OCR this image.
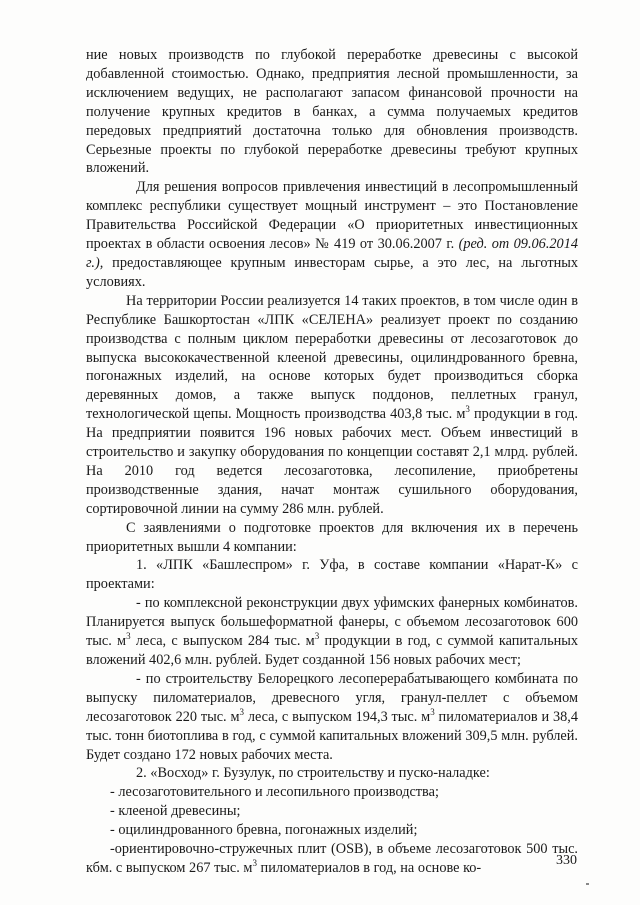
ние новых производств по глубокой переработке древесины с высокой добавленной стоимостью. Однако, предприятия лесной промышленности, за исключением ведущих, не располагают запасом финансовой прочности на получение крупных кредитов в банках, а сумма получаемых кредитов передовых предприятий достаточна только для обновления производств. Серьезные проекты по глубокой переработке древесины требуют крупных вложений.

Для решения вопросов привлечения инвестиций в лесопромышленный комплекс республики существует мощный инструмент – это Постановление Правительства Российской Федерации «О приоритетных инвестиционных проектах в области освоения лесов» № 419 от 30.06.2007 г. (ред. от 09.06.2014 г.), предоставляющее крупным инвесторам сырье, а это лес, на льготных условиях.

На территории России реализуется 14 таких проектов, в том числе один в Республике Башкортостан «ЛПК «СЕЛЕНА» реализует проект по созданию производства с полным циклом переработки древесины от лесозаготовок до выпуска высококачественной клееной древесины, оцилиндрованного бревна, погонажных изделий, на основе которых будет производиться сборка деревянных домов, а также выпуск поддонов, пеллетных гранул, технологической щепы. Мощность производства 403,8 тыс. $м^3$ продукции в год. На предприятии появится 196 новых рабочих мест. Объем инвестиций в строительство и закупку оборудования по концепции составят 2,1 млрд. рублей. На 2010 год ведется лесозаготовка, лесопиление, приобретены производственные здания, начат монтаж сушильного оборудования, сортировочной линии на сумму 286 млн. рублей.

С заявлениями о подготовке проектов для включения их в перечень приоритетных вышли 4 компании:

1. «ЛПК «Башлеспром» г. Уфа, в составе компании «Нарат-К» с проектами:

- по комплексной реконструкции двух уфимских фанерных комбинатов. Планируется выпуск большеформатной фанеры, с объемом лесозаготовок 600 тыс. $м^3$ леса, с выпуском 284 тыс. $м^3$ продукции в год, с суммой капитальных вложений 402,6 млн. рублей. Будет созданной 156 новых рабочих мест;

- по строительству Белорецкого лесоперерабатывающего комбината по выпуску пиломатериалов, древесного угля, гранул-пеллет с объемом лесозаготовок 220 тыс. $м^3$ леса, с выпуском 194,3 тыс. $м^3$ пиломатериалов и 38,4 тыс. тонн биотоплива в год, с суммой капитальных вложений 309,5 млн. рублей. Будет создано 172 новых рабочих места.

2. «Восход» г. Бузулук, по строительству и пуско-наладке:

- лесозаготовительного и лесопильного производства;

- клееной древесины;

- оцилиндрованного бревна, погонажных изделий;

-ориентировочно-стружечных плит (OSB), в объеме лесозаготовок 500 тыс. кбм. с выпуском 267 тыс. $м^3$ пиломатериалов в год, на основе ко-	330
